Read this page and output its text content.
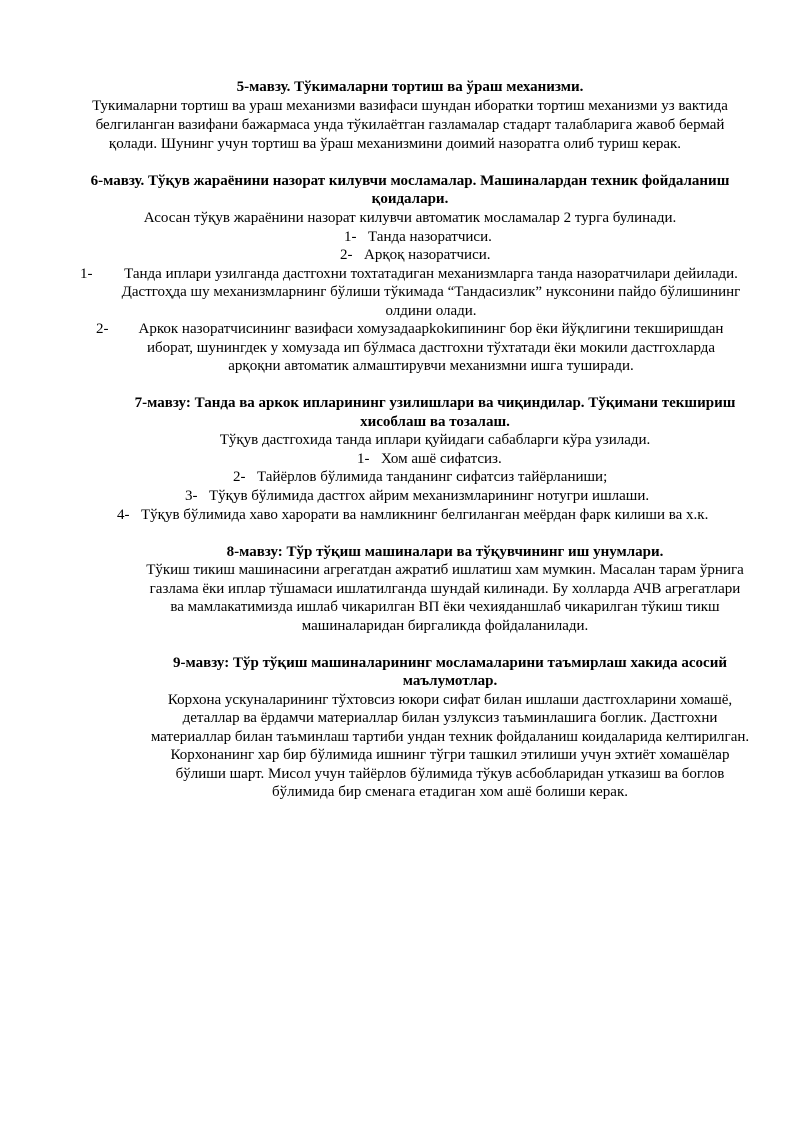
5-мавзу. Тўкималарни тортиш ва ўраш механизми.
Тукималарни тортиш ва ураш механизми вазифаси шундан иборатки тортиш механизми уз вактида
белгиланган вазифани бажармаса унда тўкилаётган газламалар стадарт талабларига жавоб бермай
қолади. Шунинг учун тортиш ва ўраш механизмини доимий назоратга олиб туриш керак.
6-мавзу. Тўқув жараёнини назорат килувчи мосламалар. Машиналардан техник фойдаланиш
қоидалари.
Асосан тўқув жараёнини назорат килувчи автоматик мосламалар 2 турга булинади.
1- Танда назоратчиси.
2- Арқоқ назоратчиси.
1-	Танда иплари узилганда дастгохни тохтатадиган механизмларга танда назоратчилари дейилади.
Дастгоҳда шу механизмларнинг бўлиши тўкимада “Тандасизлик” нуксонини пайдо бўлишининг
олдини олади.
2-	Аркок назоратчисининг вазифаси хомузадаарkokипининг бор ёки йўқлигини текширишдан
иборат, шунингдек у хомузада ип бўлмаса дастгохни тўхтатади ёки мокили дастгохларда
арқоқни автоматик алмаштирувчи механизмни ишга туширади.
7-мавзу: Танда ва аркок ипларининг узилишлари ва чиқиндилар. Тўқимани текшириш
хисоблаш ва тозалаш.
Тўқув дастгохида танда иплари қуйидаги сабабларги кўра узилади.
1- Хом ашё сифатсиз.
2- Тайёрлов бўлимида танданинг сифатсиз тайёрланиши;
3- Тўқув бўлимида дастгох айрим механизмларининг нотугри ишлаши.
4- Тўқув бўлимида хаво харорати ва намликнинг белгиланган меёрдан фарк килиши ва х.к.
8-мавзу: Тўр тўқиш машиналари ва тўқувчининг иш унумлари.
Тўкиш тикиш машинасини агрегатдан ажратиб ишлатиш хам мумкин. Масалан тарам ўрнига
газлама ёки иплар тўшамаси ишлатилганда шундай килинади. Бу холларда АЧВ агрегатлари
ва мамлакатимизда ишлаб чикарилган ВП ёки чехияданшлаб чикарилган тўкиш тикш
машиналаридан биргаликда фойдаланилади.
9-мавзу: Тўр тўқиш машиналарининг мосламаларини таъмирлаш хакида асосий
маълумотлар.
Корхона ускуналарининг тўхтовсиз юкори сифат билан ишлаши дастгохларини хомашё,
деталлар ва ёрдамчи материаллар билан узлуксиз таъминлашига боглик. Дастгохни
материаллар билан таъминлаш тартиби ундан техник фойдаланиш коидаларида келтирилган.
Корхонанинг хар бир бўлимида ишнинг тўгри ташкил этилиши учун эхтиёт хомашёлар
бўлиши шарт. Мисол учун тайёрлов бўлимида тўкув асбобларидан утказиш ва боглов
бўлимида бир сменага етадиган хом ашё болиши керак.
